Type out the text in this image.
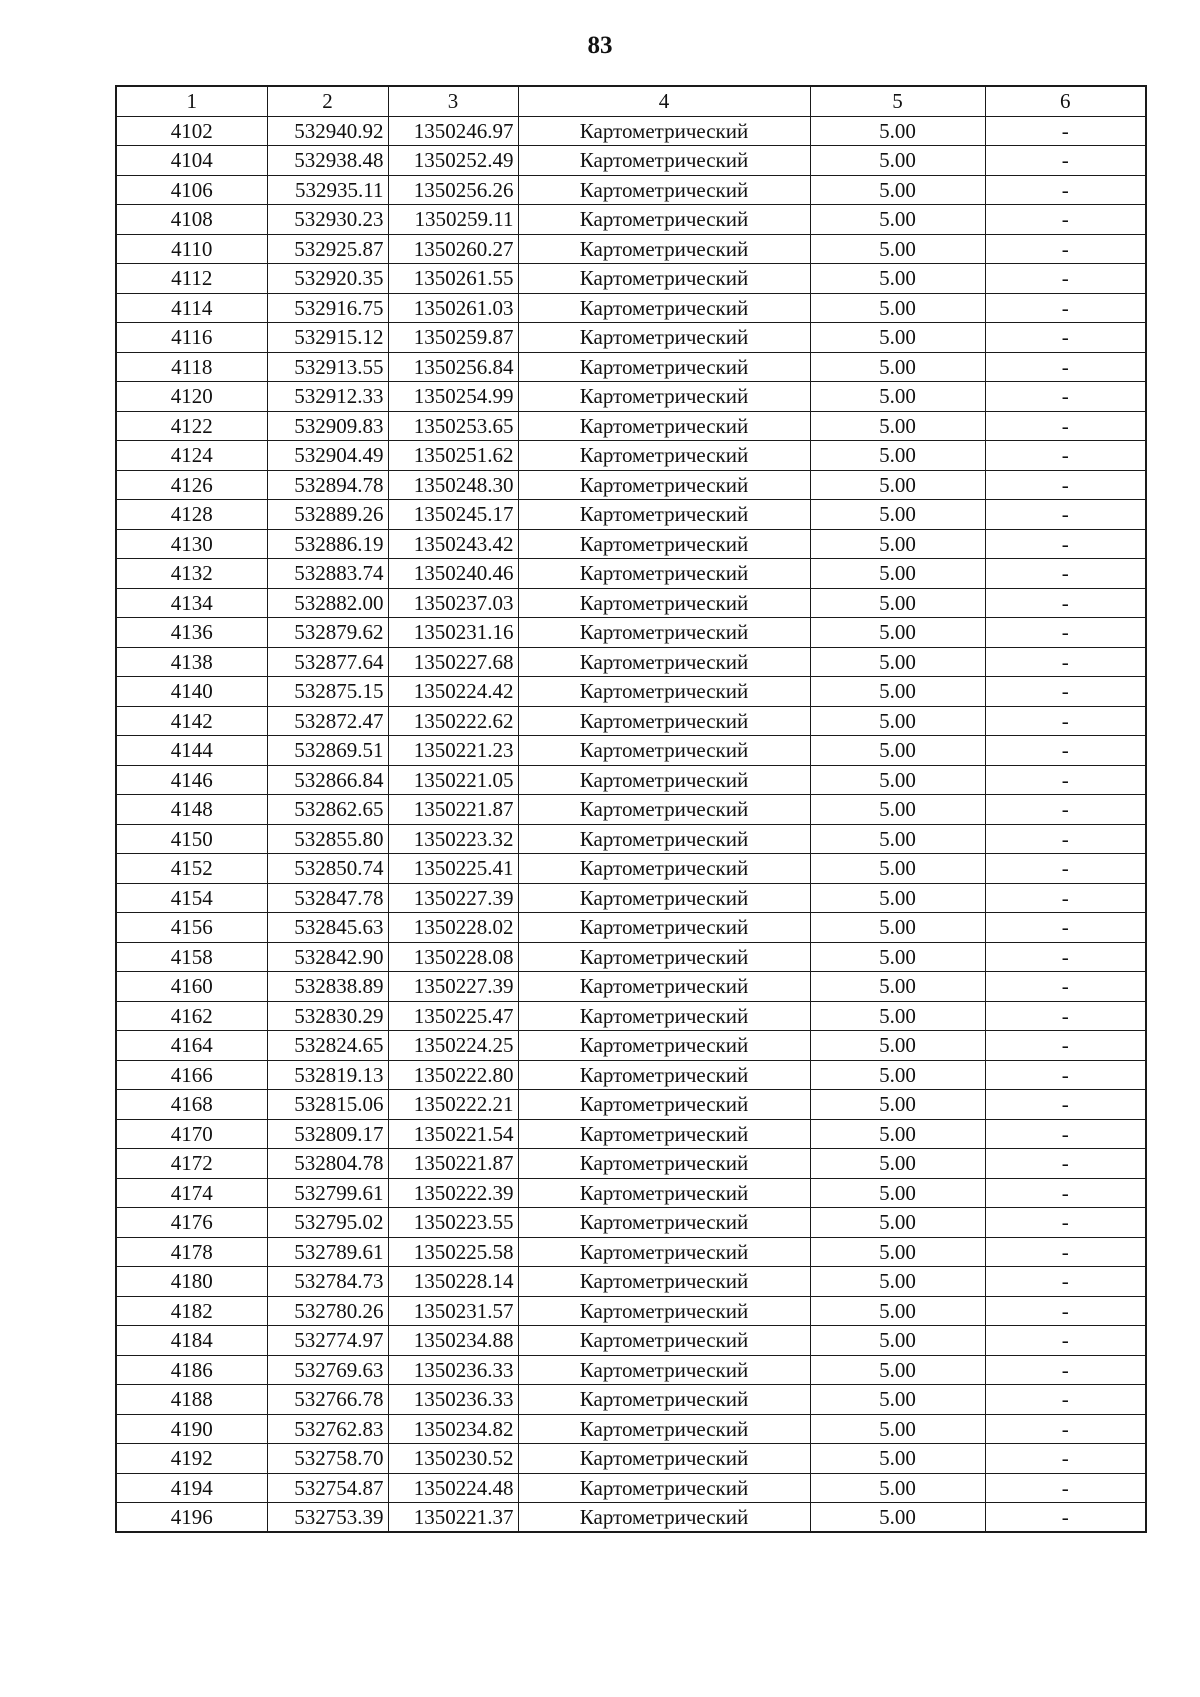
83
1	2	3	4	5	6
4102	532940.92	1350246.97	Картометрический	5.00	-
4104	532938.48	1350252.49	Картометрический	5.00	-
4106	532935.11	1350256.26	Картометрический	5.00	-
4108	532930.23	1350259.11	Картометрический	5.00	-
4110	532925.87	1350260.27	Картометрический	5.00	-
4112	532920.35	1350261.55	Картометрический	5.00	-
4114	532916.75	1350261.03	Картометрический	5.00	-
4116	532915.12	1350259.87	Картометрический	5.00	-
4118	532913.55	1350256.84	Картометрический	5.00	-
4120	532912.33	1350254.99	Картометрический	5.00	-
4122	532909.83	1350253.65	Картометрический	5.00	-
4124	532904.49	1350251.62	Картометрический	5.00	-
4126	532894.78	1350248.30	Картометрический	5.00	-
4128	532889.26	1350245.17	Картометрический	5.00	-
4130	532886.19	1350243.42	Картометрический	5.00	-
4132	532883.74	1350240.46	Картометрический	5.00	-
4134	532882.00	1350237.03	Картометрический	5.00	-
4136	532879.62	1350231.16	Картометрический	5.00	-
4138	532877.64	1350227.68	Картометрический	5.00	-
4140	532875.15	1350224.42	Картометрический	5.00	-
4142	532872.47	1350222.62	Картометрический	5.00	-
4144	532869.51	1350221.23	Картометрический	5.00	-
4146	532866.84	1350221.05	Картометрический	5.00	-
4148	532862.65	1350221.87	Картометрический	5.00	-
4150	532855.80	1350223.32	Картометрический	5.00	-
4152	532850.74	1350225.41	Картометрический	5.00	-
4154	532847.78	1350227.39	Картометрический	5.00	-
4156	532845.63	1350228.02	Картометрический	5.00	-
4158	532842.90	1350228.08	Картометрический	5.00	-
4160	532838.89	1350227.39	Картометрический	5.00	-
4162	532830.29	1350225.47	Картометрический	5.00	-
4164	532824.65	1350224.25	Картометрический	5.00	-
4166	532819.13	1350222.80	Картометрический	5.00	-
4168	532815.06	1350222.21	Картометрический	5.00	-
4170	532809.17	1350221.54	Картометрический	5.00	-
4172	532804.78	1350221.87	Картометрический	5.00	-
4174	532799.61	1350222.39	Картометрический	5.00	-
4176	532795.02	1350223.55	Картометрический	5.00	-
4178	532789.61	1350225.58	Картометрический	5.00	-
4180	532784.73	1350228.14	Картометрический	5.00	-
4182	532780.26	1350231.57	Картометрический	5.00	-
4184	532774.97	1350234.88	Картометрический	5.00	-
4186	532769.63	1350236.33	Картометрический	5.00	-
4188	532766.78	1350236.33	Картометрический	5.00	-
4190	532762.83	1350234.82	Картометрический	5.00	-
4192	532758.70	1350230.52	Картометрический	5.00	-
4194	532754.87	1350224.48	Картометрический	5.00	-
4196	532753.39	1350221.37	Картометрический	5.00	-
